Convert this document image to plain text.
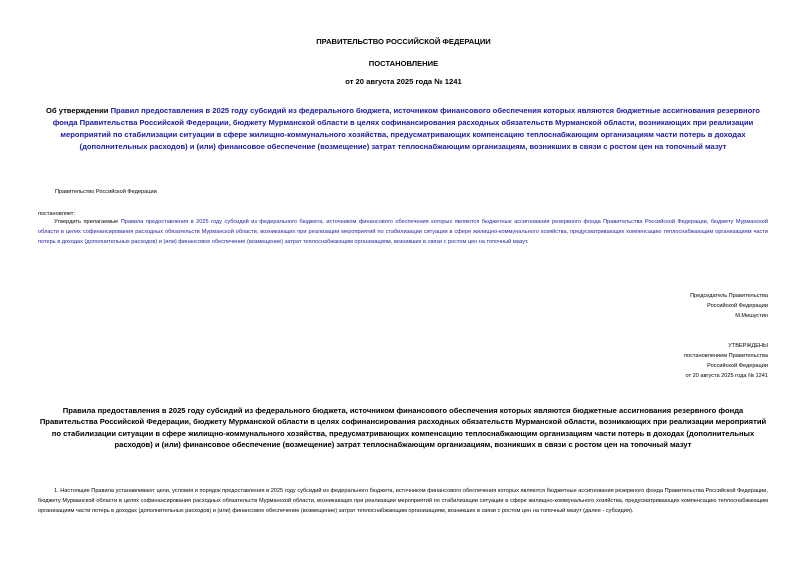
ПРАВИТЕЛЬСТВО РОССИЙСКОЙ ФЕДЕРАЦИИ
ПОСТАНОВЛЕНИЕ
от 20 августа 2025 года № 1241
Об утверждении Правил предоставления в 2025 году субсидий из федерального бюджета, источником финансового обеспечения которых являются бюджетные ассигнования резервного фонда Правительства Российской Федерации, бюджету Мурманской области в целях софинансирования расходных обязательств Мурманской области, возникающих при реализации мероприятий по стабилизации ситуации в сфере жилищно-коммунального хозяйства, предусматривающих компенсацию теплоснабжающим организациям части потерь в доходах (дополнительных расходов) и (или) финансовое обеспечение (возмещение) затрат теплоснабжающим организациям, возникших в связи с ростом цен на топочный мазут
Правительство Российской Федерации
постановляет:
Утвердить прилагаемые Правила предоставления в 2025 году субсидий из федерального бюджета, источником финансового обеспечения которых являются бюджетные ассигнования резервного фонда Правительства Российской Федерации, бюджету Мурманской области в целях софинансирования расходных обязательств Мурманской области, возникающих при реализации мероприятий по стабилизации ситуации в сфере жилищно-коммунального хозяйства, предусматривающих компенсацию теплоснабжающим организациям части потерь в доходах (дополнительных расходов) и (или) финансовое обеспечение (возмещение) затрат теплоснабжающим организациям, возникших в связи с ростом цен на топочный мазут.
Председатель Правительства
Российской Федерации
М.Мишустин
УТВЕРЖДЕНЫ
постановлением Правительства
Российской Федерации
от 20 августа 2025 года № 1241
Правила предоставления в 2025 году субсидий из федерального бюджета, источником финансового обеспечения которых являются бюджетные ассигнования резервного фонда Правительства Российской Федерации, бюджету Мурманской области в целях софинансирования расходных обязательств Мурманской области, возникающих при реализации мероприятий по стабилизации ситуации в сфере жилищно-коммунального хозяйства, предусматривающих компенсацию теплоснабжающим организациям части потерь в доходах (дополнительных расходов) и (или) финансовое обеспечение (возмещение) затрат теплоснабжающим организациям, возникших в связи с ростом цен на топочный мазут
1. Настоящие Правила устанавливают цели, условия и порядок предоставления в 2025 году субсидий из федерального бюджета, источником финансового обеспечения которых являются бюджетные ассигнования резервного фонда Правительства Российской Федерации, бюджету Мурманской области в целях софинансирования расходных обязательств Мурманской области, возникающих при реализации мероприятий по стабилизации ситуации в сфере жилищно-коммунального хозяйства, предусматривающих компенсацию теплоснабжающим организациям части потерь в доходах (дополнительных расходов) и (или) финансовое обеспечение (возмещение) затрат теплоснабжающим организациям, возникших в связи с ростом цен на топочный мазут (далее - субсидия).
